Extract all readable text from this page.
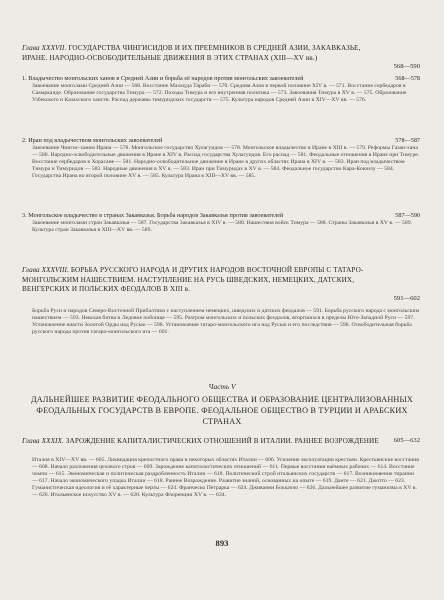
Глава XXXVII. ГОСУДАРСТВА ЧИНГИСИДОВ И ИХ ПРЕЕМНИКОВ В СРЕДНЕЙ АЗИИ, ЗАКАВКАЗЬЕ, ИРАНЕ. НАРОДНО-ОСВОБОДИТЕЛЬНЫЕ ДВИЖЕНИЯ В ЭТИХ СТРАНАХ (XIII—XV вв.)
568—590
1. Владычество монгольских ханов в Средней Азии и борьба её народов против монгольских завоевателей	568—578
Завоевание монголами Средней Азии — 568. Восстание Махмуда Тараби — 570. Средняя Азия в первой половине XIV в. — 571. Восстание сербедаров в Самарканде. Образование государства Тимура — 572. Походы Тимура и его внутренняя политика — 573. Завоевания Тимура в XV в. — 575. Образование Узбекского и Казахского ханств. Распад державы тимуридских государств — 575. Культура народов Средней Азии в XIV—XV вв. — 576.
2. Иран под владычеством монгольских завоевателей	578—587
Завоевание Чингис-ханом Ирана — 578. Монгольское государство Хулагуидов — 578. Монгольское владычество в Иране в XIII в. — 579. Реформы Газан-хана — 580. Народно-освободительные движения в Иране в XIV в. Распад государства Хулагуидов. Его распад — 581. Феодальные отношения в Иране при Тимуре. Восстание сербедаров в Хорасане — 581. Народно-освободительное движение в Иране в других областях Ирана в XIV в. — 583. Иран под владычеством Тимура и Тимуридов — 583. Народные движения в XV в. — 583. Иран при Тимуридах в XV в. — 584. Феодальное государство Кара-Коюнлу — 584. Государства Ирана во второй половине XV в. — 585. Культура Ирана в XIII—XV вв. — 585.
3. Монгольское владычество в странах Закавказья. Борьба народов Закавказья против завоевателей	587—590
Завоевание монголами стран Закавказья — 587. Государства Закавказья в XIV в. — 588. Нашествия войск Тимура — 588. Страны Закавказья в XV в. — 589. Культура стран Закавказья в XIII—XV вв. — 589.
Глава XXXVIII. БОРЬБА РУССКОГО НАРОДА И ДРУГИХ НАРОДОВ ВОСТОЧНОЙ ЕВРОПЫ С ТАТАРО-МОНГОЛЬСКИМ НАШЕСТВИЕМ. НАСТУПЛЕНИЕ НА РУСЬ ШВЕДСКИХ, НЕМЕЦКИХ, ДАТСКИХ, ВЕНГЕРСКИХ И ПОЛЬСКИХ ФЕОДАЛОВ В XIII в.
591—602
Борьба Руси и народов Северо-Восточной Прибалтики с наступлением немецких, шведских и датских феодалов — 591. Борьба русского народа с монгольским нашествием — 593. Невская битва и Ледовое побоище — 595. Разгром монгольских и польских феодалов, вторгшихся в пределы Юго-Западной Руси — 597. Установление власти Золотой Орды над Русью — 598. Установление татаро-монгольского ига над Русью и его последствия — 598. Освободительная борьба русского народа против татаро-монгольского ига — 601.
Часть V
ДАЛЬНЕЙШЕЕ РАЗВИТИЕ ФЕОДАЛЬНОГО ОБЩЕСТВА И ОБРАЗОВАНИЕ ЦЕНТРАЛИЗОВАННЫХ ФЕОДАЛЬНЫХ ГОСУДАРСТВ В ЕВРОПЕ. ФЕОДАЛЬНОЕ ОБЩЕСТВО В ТУРЦИИ И АРАБСКИХ СТРАНАХ
Глава XXXIX. ЗАРОЖДЕНИЕ КАПИТАЛИСТИЧЕСКИХ ОТНОШЕНИЙ В ИТАЛИИ. РАННЕЕ ВОЗРОЖДЕНИЕ	605—632
Италия в XIV—XV вв. — 605. Ликвидация крепостного права в некоторых областях Италии — 606. Усиление эксплуатации крестьян. Крестьянские восстания — 608. Начало разложения цехового строя — 609. Зарождение капиталистических отношений — 611. Первые восстания наёмных рабочих — 614. Восстание чомпи — 615. Экономическая и политическая раздробленность Италии — 618. Политический строй итальянских государств — 617. Возникновение тирании — 617. Начало экономического упадка Италии — 618. Раннее Возрождение. Развитие знаний, основанных на опыте — 619. Данте — 621. Джотто — 623. Гуманистическая идеология и её характерные черты — 624. Франческо Петрарка — 624. Дживанни Боккаччо — 626. Дальнейшее развитие гуманизма в XV в. — 626. Итальянское искусство XV в. — 628. Культура Флоренции XV в. — 634.
893
